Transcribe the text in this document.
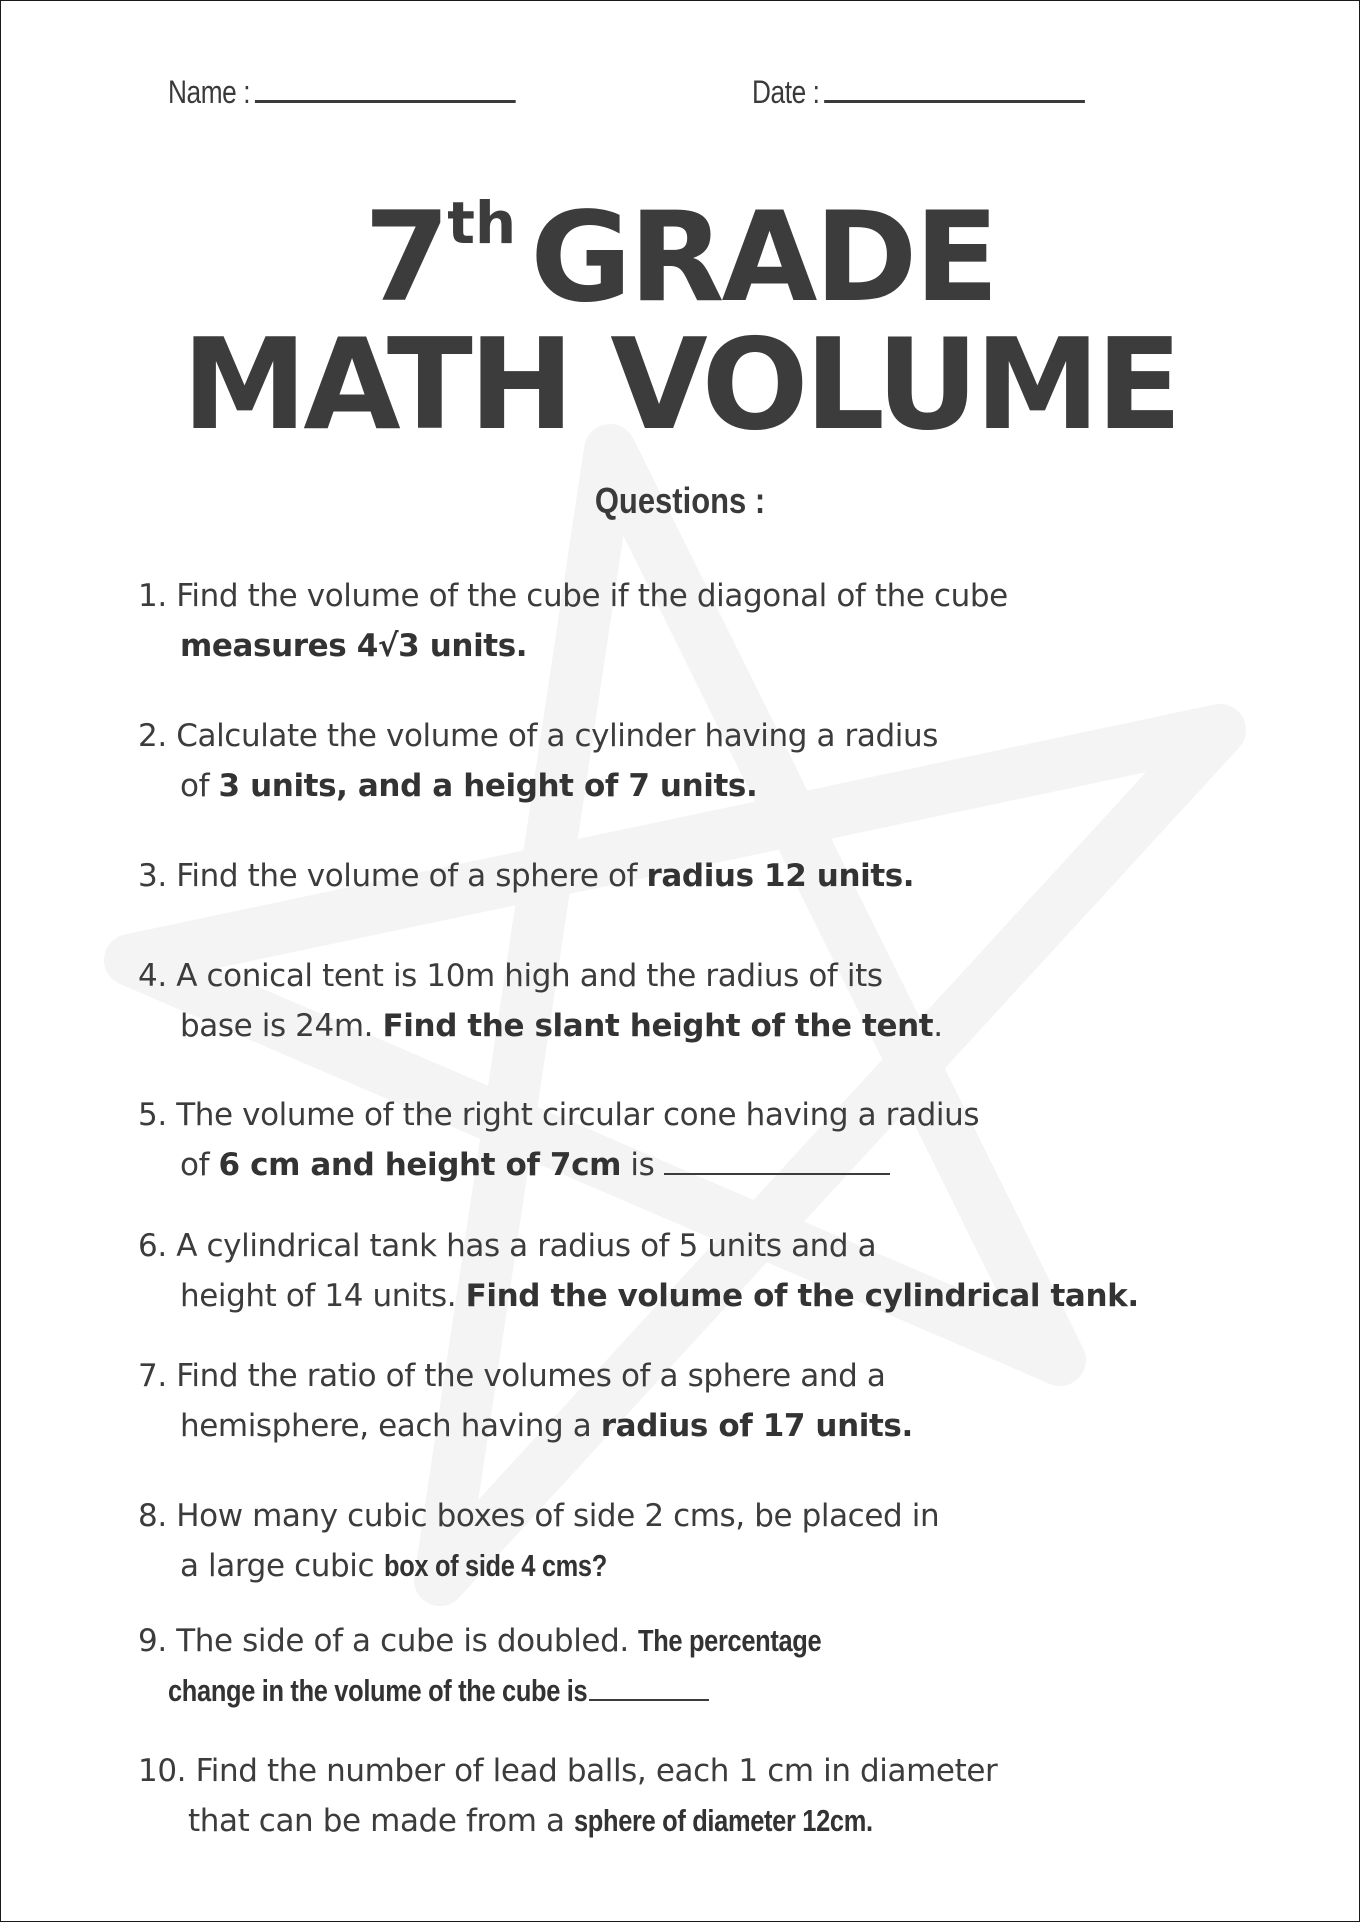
Name :	Date :
7th GRADE
MATH VOLUME
Questions :
1. Find the volume of the cube if the diagonal of the cube
measures 4√3 units.
2. Calculate the volume of a cylinder having a radius
of 3 units, and a height of 7 units.
3. Find the volume of a sphere of radius 12 units.
4. A conical tent is 10m high and the radius of its
base is 24m. Find the slant height of the tent.
5. The volume of the right circular cone having a radius
of 6 cm and height of 7cm is
6. A cylindrical tank has a radius of 5 units and a
height of 14 units. Find the volume of the cylindrical tank.
7. Find the ratio of the volumes of a sphere and a
hemisphere, each having a radius of 17 units.
8. How many cubic boxes of side 2 cms, be placed in
a large cubic box of side 4 cms?
9. The side of a cube is doubled. The percentage
change in the volume of the cube is
10. Find the number of lead balls, each 1 cm in diameter
that can be made from a sphere of diameter 12cm.
